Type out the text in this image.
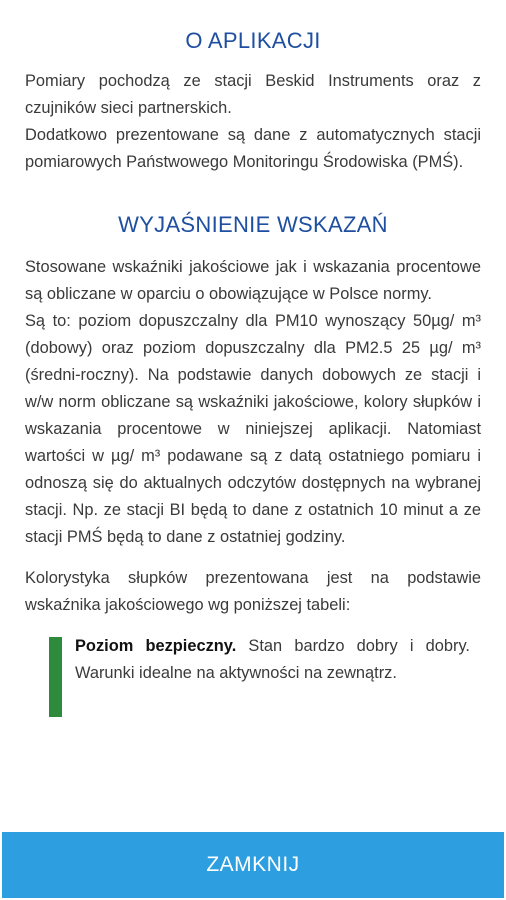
O APLIKACJI

Pomiary pochodzą ze stacji Beskid Instruments oraz z czujników sieci partnerskich.

Dodatkowo prezentowane są dane z automatycznych stacji pomiarowych Państwowego Monitoringu Środowiska (PMŚ).

WYJAŚNIENIE WSKAZAŃ

Stosowane wskaźniki jakościowe jak i wskazania procentowe są obliczane w oparciu o obowiązujące w Polsce normy.

Są to: poziom dopuszczalny dla PM10 wynoszący 50µg/ m³ (dobowy) oraz poziom dopuszczalny dla PM2.5 25 µg/ m³ (średni-roczny). Na podstawie danych dobowych ze stacji i w/w norm obliczane są wskaźniki jakościowe, kolory słupków i wskazania procentowe w niniejszej aplikacji. Natomiast wartości w µg/ m³ podawane są z datą ostatniego pomiaru i odnoszą się do aktualnych odczytów dostępnych na wybranej stacji. Np. ze stacji BI będą to dane z ostatnich 10 minut a ze stacji PMŚ będą to dane z ostatniej godziny.

Kolorystyka słupków prezentowana jest na podstawie wskaźnika jakościowego wg poniższej tabeli:

Poziom bezpieczny. Stan bardzo dobry i dobry. Warunki idealne na aktywności na zewnątrz.
ZAMKNIJ
